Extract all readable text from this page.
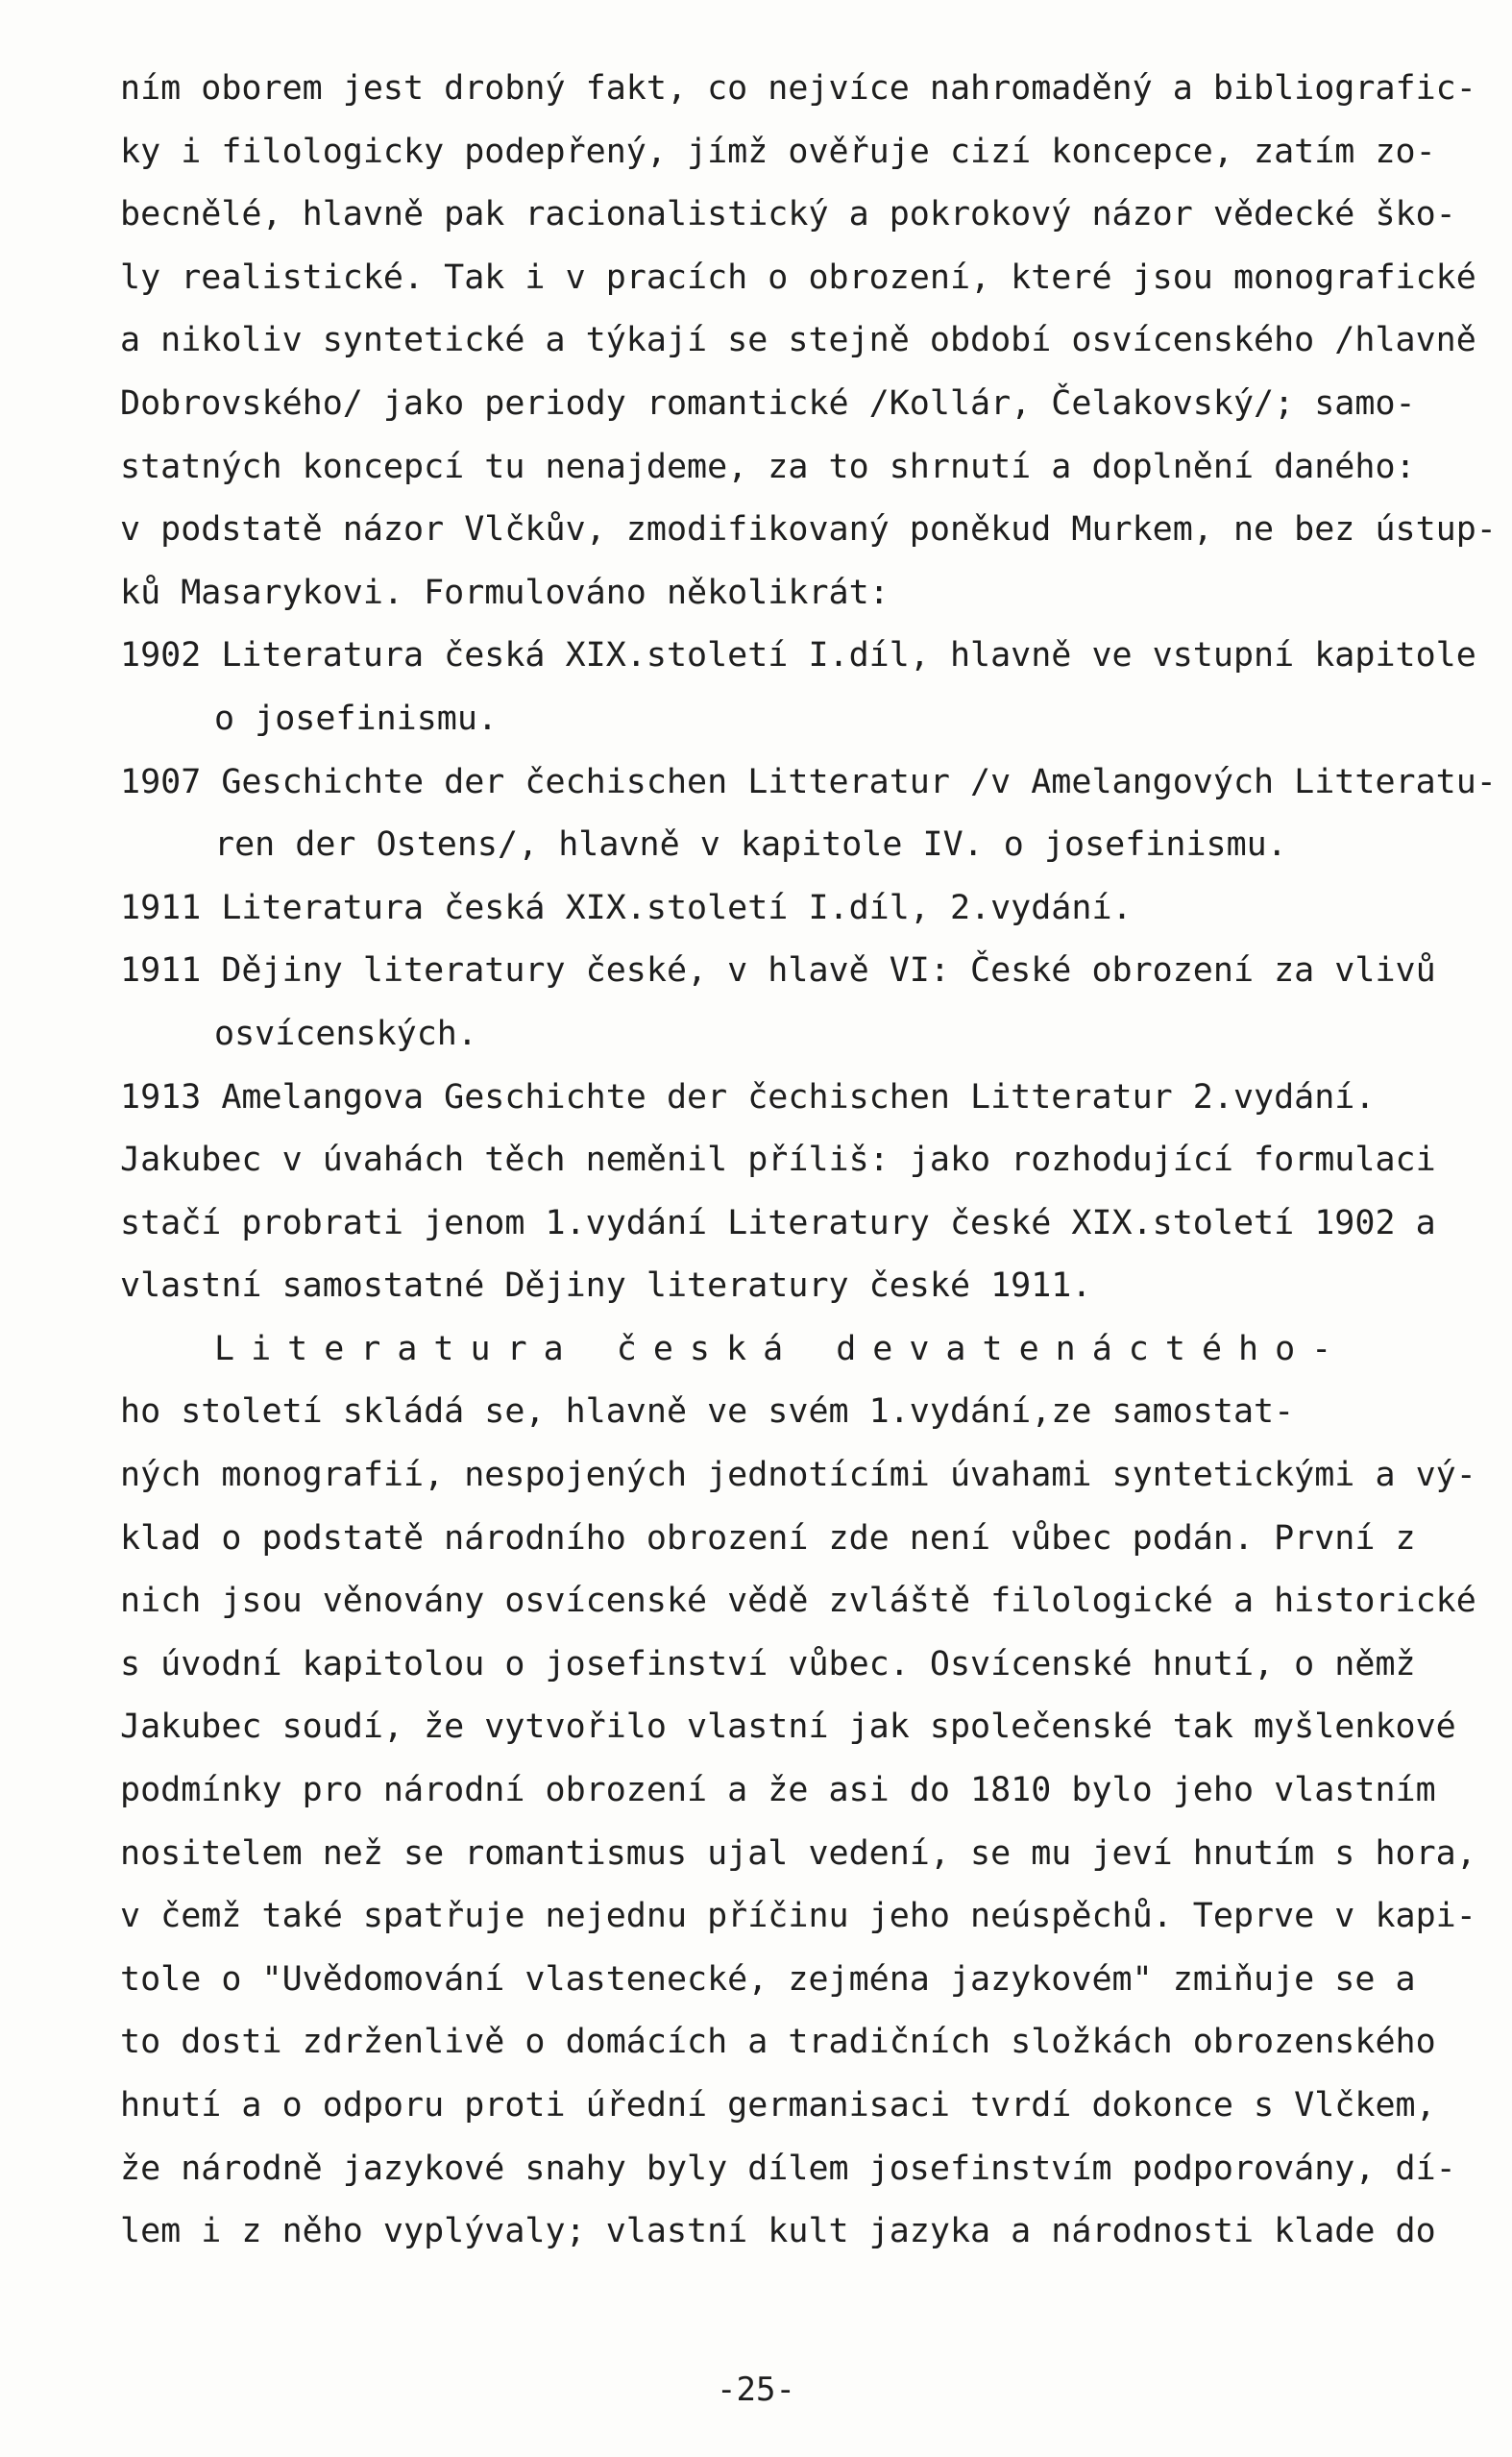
ním oborem jest drobný fakt, co nejvíce nahromaděný a bibliografic-
ky i filologicky podepřený, jímž ověřuje cizí koncepce, zatím zo-
becnělé, hlavně pak racionalistický a pokrokový názor vědecké ško-
ly realistické. Tak i v pracích o obrození, které jsou monografické
a nikoliv syntetické a týkají se stejně období osvícenského /hlavně
Dobrovského/ jako periody romantické /Kollár, Čelakovský/; samo-
statných koncepcí tu nenajdeme, za to shrnutí a doplnění daného:
v podstatě názor Vlčkův, zmodifikovaný poněkud Murkem, ne bez ústup-
ků Masarykovi. Formulováno několikrát:
1902 Literatura česká XIX.století I.díl, hlavně ve vstupní kapitole
o josefinismu.
1907 Geschichte der čechischen Litteratur /v Amelangových Litteratu-
ren der Ostens/, hlavně v kapitole IV. o josefinismu.
1911 Literatura česká XIX.století I.díl, 2.vydání.
1911 Dějiny literatury české, v hlavě VI: České obrození za vlivů
osvícenských.
1913 Amelangova Geschichte der čechischen Litteratur 2.vydání.
Jakubec v úvahách těch neměnil příliš: jako rozhodující formulaci
stačí probrati jenom 1.vydání Literatury české XIX.století 1902 a
vlastní samostatné Dějiny literatury české 1911.
Literatura česká devatenáctého-
ho století skládá se, hlavně ve svém 1.vydání,ze samostat-
ných monografií, nespojených jednotícími úvahami syntetickými a vý-
klad o podstatě národního obrození zde není vůbec podán. První z
nich jsou věnovány osvícenské vědě zvláště filologické a historické
s úvodní kapitolou o josefinství vůbec. Osvícenské hnutí, o němž
Jakubec soudí, že vytvořilo vlastní jak společenské tak myšlenkové
podmínky pro národní obrození a že asi do 1810 bylo jeho vlastním
nositelem než se romantismus ujal vedení, se mu jeví hnutím s hora,
v čemž také spatřuje nejednu příčinu jeho neúspěchů. Teprve v kapi-
tole o "Uvědomování vlastenecké, zejména jazykovém" zmiňuje se a
to dosti zdrženlivě o domácích a tradičních složkách obrozenského
hnutí a o odporu proti úřední germanisaci tvrdí dokonce s Vlčkem,
že národně jazykové snahy byly dílem josefinstvím podporovány, dí-
lem i z něho vyplývaly; vlastní kult jazyka a národnosti klade do
-25-
